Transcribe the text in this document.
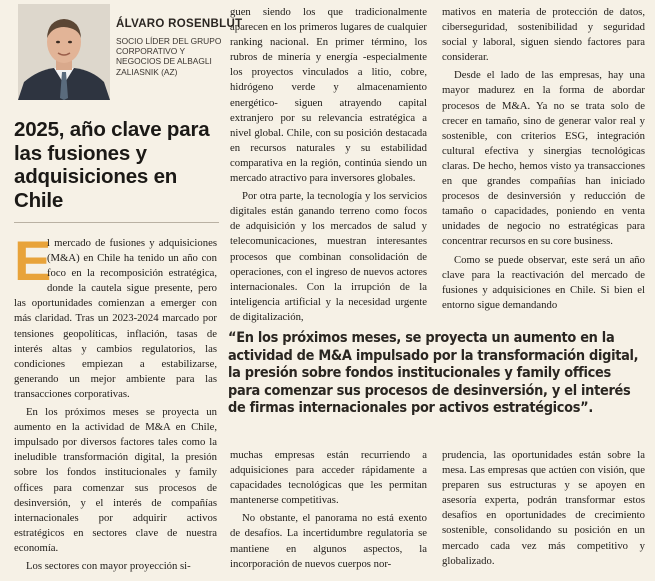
ÁLVARO ROSENBLUT
SOCIO LÍDER DEL GRUPO CORPORATIVO Y NEGOCIOS DE ALBAGLI ZALIASNIK (AZ)
2025, año clave para las fusiones y adquisiciones en Chile

E
l mercado de fusiones y adquisiciones (M&A) en Chile ha tenido un año con foco en la recomposición estratégica, donde la cautela sigue presente, pero las oportunidades comienzan a emerger con más claridad. Tras un 2023-2024 marcado por tensiones geopolíticas, inflación, tasas de interés altas y cambios regulatorios, las condiciones empiezan a estabilizarse, generando un mejor ambiente para las transacciones corporativas.

En los próximos meses se proyecta un aumento en la actividad de M&A en Chile, impulsado por diversos factores tales como la ineludible transformación digital, la presión sobre los fondos institucionales y family offices para comenzar sus procesos de desinversión, y el interés de compañías internacionales por adquirir activos estratégicos en sectores clave de nuestra economía.

Los sectores con mayor proyección si-

guen siendo los que tradicionalmente aparecen en los primeros lugares de cualquier ranking nacional. En primer término, los rubros de minería y energía -especialmente los proyectos vinculados a litio, cobre, hidrógeno verde y almacenamiento energético- siguen atrayendo capital extranjero por su relevancia estratégica a nivel global. Chile, con su posición destacada en recursos naturales y su estabilidad comparativa en la región, continúa siendo un mercado atractivo para inversores globales.

Por otra parte, la tecnología y los servicios digitales están ganando terreno como focos de adquisición y los mercados de salud y telecomunicaciones, muestran interesantes procesos que combinan consolidación de operaciones, con el ingreso de nuevos actores internacionales. Con la irrupción de la inteligencia artificial y la necesidad urgente de digitalización,

mativos en materia de protección de datos, ciberseguridad, sostenibilidad y seguridad social y laboral, siguen siendo factores para considerar.

Desde el lado de las empresas, hay una mayor madurez en la forma de abordar procesos de M&A. Ya no se trata solo de crecer en tamaño, sino de generar valor real y sostenible, con criterios ESG, integración cultural efectiva y sinergias tecnológicas claras. De hecho, hemos visto ya transacciones en que grandes compañías han iniciado procesos de desinversión y reducción de tamaño o capacidades, poniendo en venta unidades de negocio no estratégicas para concentrar recursos en su core business.

Como se puede observar, este será un año clave para la reactivación del mercado de fusiones y adquisiciones en Chile. Si bien el entorno sigue demandando

“En los próximos meses, se proyecta un aumento en la actividad de M&A impulsado por la transformación digital, la presión sobre fondos institucionales y family offices para comenzar sus procesos de desinversión, y el interés de firmas internacionales por activos estratégicos”.

muchas empresas están recurriendo a adquisiciones para acceder rápidamente a capacidades tecnológicas que les permitan mantenerse competitivas.

No obstante, el panorama no está exento de desafíos. La incertidumbre regulatoria se mantiene en algunos aspectos, la incorporación de nuevos cuerpos nor-

prudencia, las oportunidades están sobre la mesa. Las empresas que actúen con visión, que preparen sus estructuras y se apoyen en asesoría experta, podrán transformar estos desafíos en oportunidades de crecimiento sostenible, consolidando su posición en un mercado cada vez más competitivo y globalizado.
